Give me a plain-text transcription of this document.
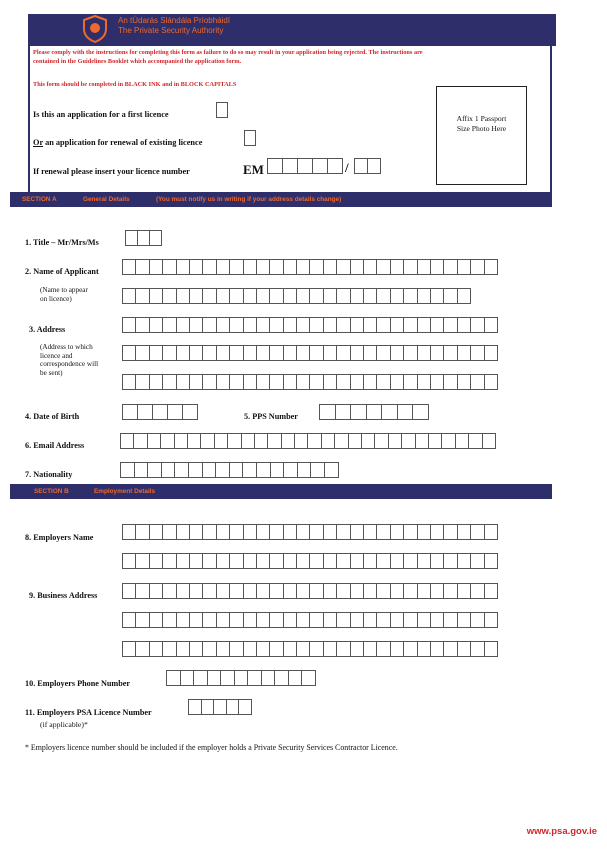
An tÚdarás Slándála Príobháidí
The Private Security Authority
Please comply with the instructions for completing this form as failure to do so may result in your application being rejected. The instructions are
contained in the Guidelines Booklet which accompanied the application form.
This form should be completed in BLACK INK and in BLOCK CAPITALS
Is this an application for a first licence
Or an application for renewal of existing licence
If renewal please insert your licence number	EM	/
Affix 1 Passport
Size Photo Here
SECTION A	General Details	(You must notify us in writing if your address details change)
1. Title – Mr/Mrs/Ms
2. Name of Applicant
(Name to appear
on licence)
3. Address
(Address to which
licence and
correspondence will
be sent)
4. Date of Birth	5. PPS Number
6. Email Address
7. Nationality
SECTION B	Employment Details
8. Employers Name
9. Business Address
10. Employers Phone Number
11. Employers PSA Licence Number
(if applicable)*
* Employers licence number should be included if the employer holds a Private Security Services Contractor Licence.
www.psa.gov.ie
